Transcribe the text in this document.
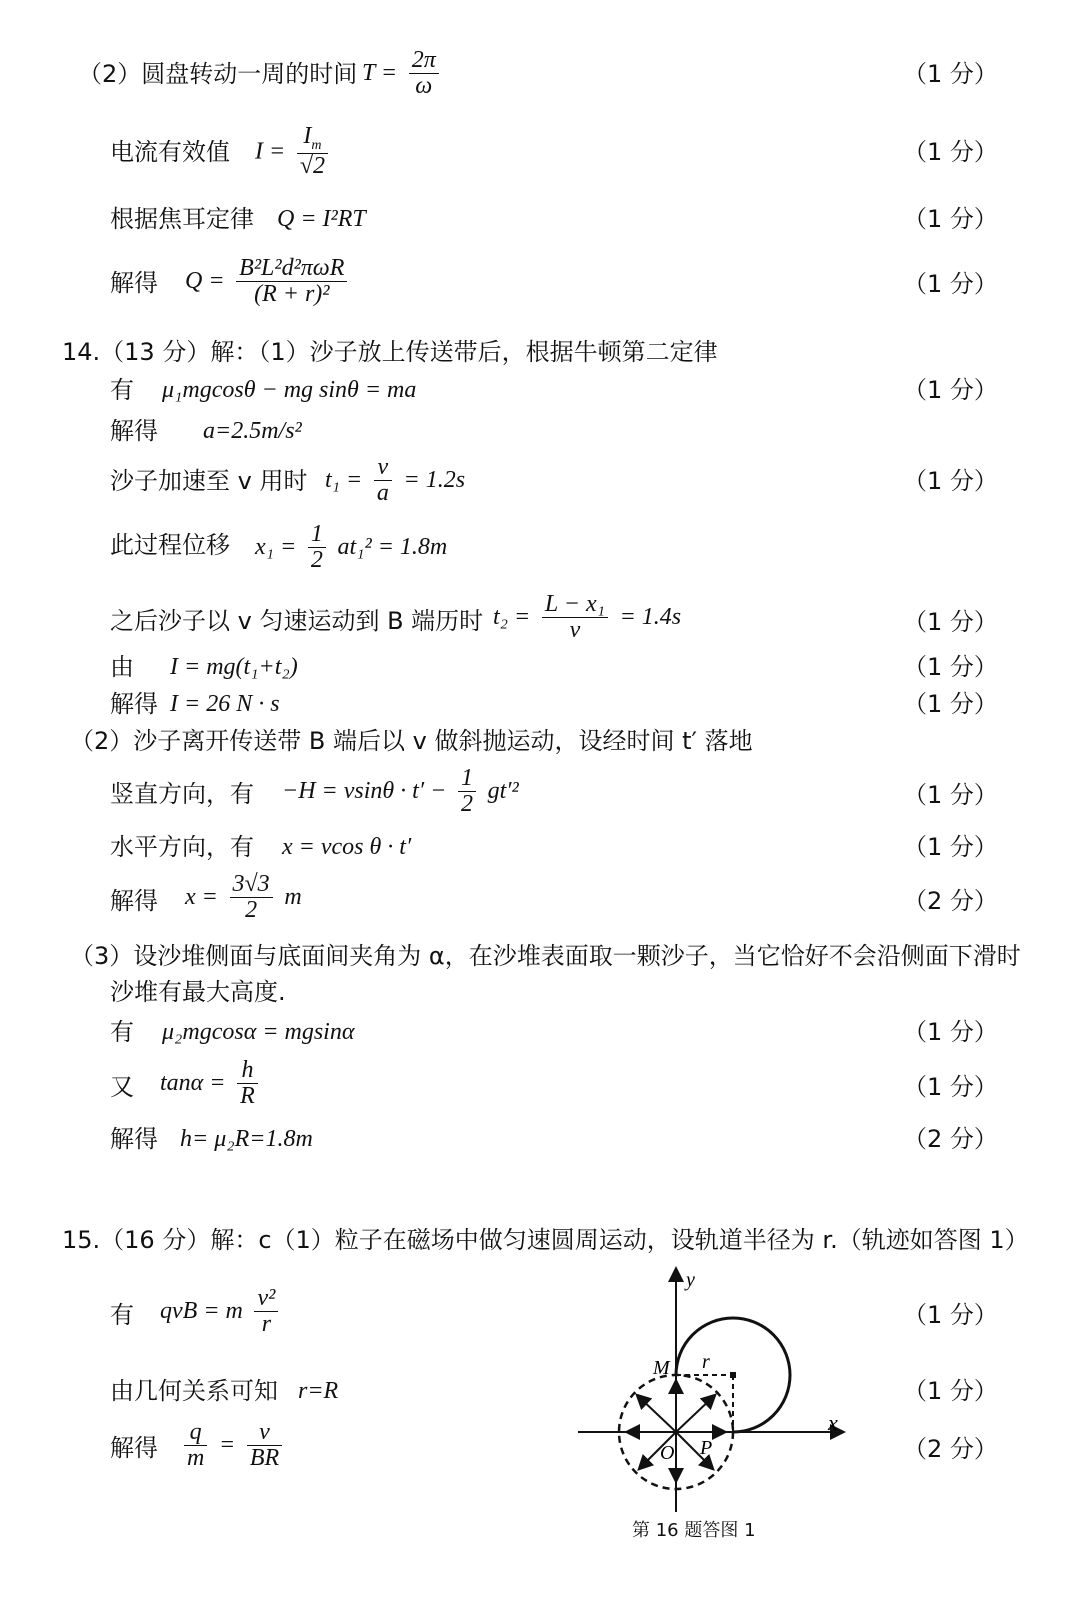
（2）圆盘转动一周的时间 $T = \frac{2\pi}{\omega}$	（1 分）
电流有效值 $I = \frac{I_m}{√2}$	（1 分）
根据焦耳定律 Q = I²RT	（1 分）
解得 $Q = \frac{\text{B²L²d²πωR}}{\text{(R + r)²}}$	（1 分）
14.（13 分）解：（1）沙子放上传送带后，根据牛顿第二定律
有 μ₁mgcosθ − mg sinθ = ma	（1 分）
解得 a=2.5m/s²
沙子加速至 v 用时 $t_1 = \frac{v}{a} = 1.2s$	（1 分）
此过程位移 $x_1 = \frac{1}{2} at_1^2 = 1.8m$
之后沙子以 v 匀速运动到 B 端历时 $t_2 = \frac{\text{L − x₁}}{v} = 1.4s$	（1 分）
由 I = mg(t₁+t₂)	（1 分）
解得 I = 26 N · s	（1 分）
（2）沙子离开传送带 B 端后以 v 做斜抛运动，设经时间 t′ 落地
竖直方向，有 $-H = vsin\theta \cdot t' - \frac{1}{2} gt'^2$	（1 分）
水平方向，有 x = vcos θ · t′	（1 分）
解得 $x = \frac{3√3}{2}$ m	（2 分）
（3）设沙堆侧面与底面间夹角为 α，在沙堆表面取一颗沙子，当它恰好不会沿侧面下滑时
沙堆有最大高度.
有 μ₂mgcosα = mgsinα	（1 分）
又 $\tan\alpha = \frac{h}{R}$	（1 分）
解得 h= μ₂R=1.8m	（2 分）
15.（16 分）解：c（1）粒子在磁场中做匀速圆周运动，设轨道半径为 r.（轨迹如答图 1）
有 qvB = m $\frac{\text{v²}}{r}$	（1 分）
由几何关系可知 r=R	（1 分）
解得 $\frac{q}{m} = \frac{v}{BR}$	（2 分）
y
x
M r
O P
第 16 题答图 1
